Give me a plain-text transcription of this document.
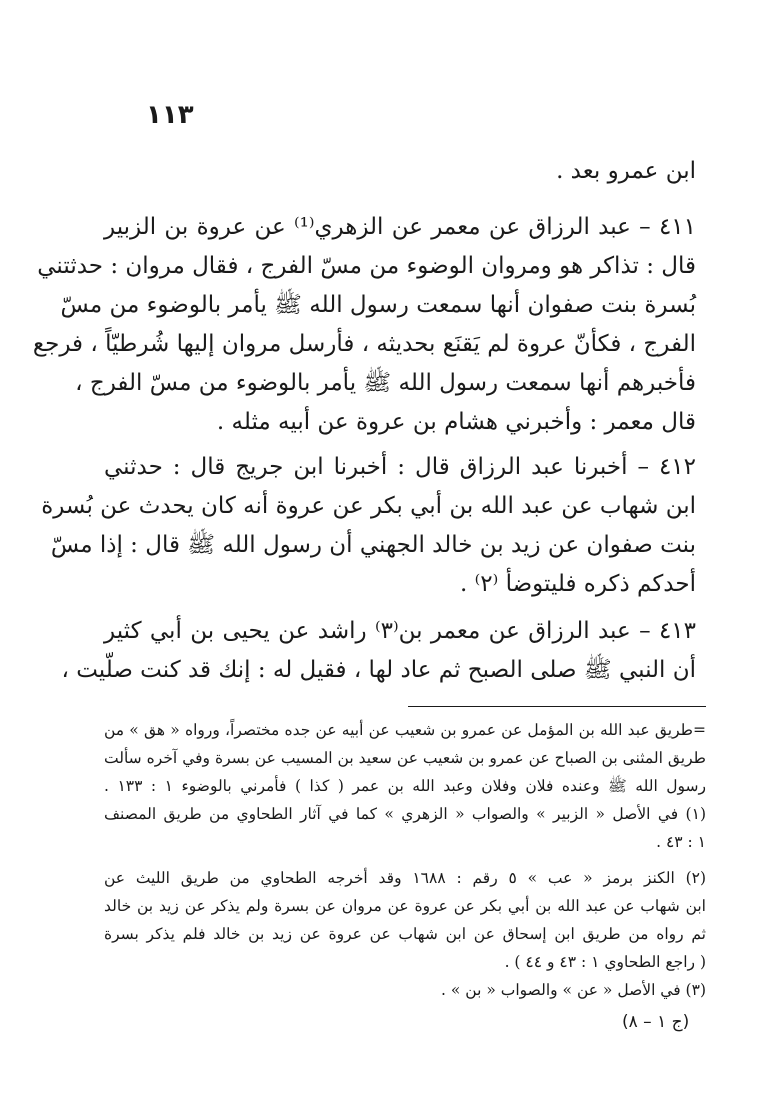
١١٣
ابن عمرو بعد .
٤١١ – عبد الرزاق عن معمر عن الزهري⁽¹⁾ عن عروة بن الزبير
قال : تذاكر هو ومروان الوضوء من مسّ الفرج ، فقال مروان : حدثتني
بُسرة بنت صفوان أنها سمعت رسول الله ﷺ يأمر بالوضوء من مسّ
الفرج ، فكأنّ عروة لم يَقنَع بحديثه ، فأرسل مروان إليها شُرطيّاً ، فرجع
فأخبرهم أنها سمعت رسول الله ﷺ يأمر بالوضوء من مسّ الفرج ،
قال معمر : وأخبرني هشام بن عروة عن أبيه مثله .
٤١٢ – أخبرنا عبد الرزاق قال : أخبرنا ابن جريج قال : حدثني
ابن شهاب عن عبد الله بن أبي بكر عن عروة أنه كان يحدث عن بُسرة
بنت صفوان عن زيد بن خالد الجهني أن رسول الله ﷺ قال : إذا مسّ
أحدكم ذكره فليتوضأ ⁽٢⁾ .
٤١٣ – عبد الرزاق عن معمر بن⁽٣⁾ راشد عن يحيى بن أبي كثير
أن النبي ﷺ صلى الصبح ثم عاد لها ، فقيل له : إنك قد كنت صلّيت ،
=طريق عبد الله بن المؤمل عن عمرو بن شعيب عن أبيه عن جده مختصراً، ورواه « هق » من
طريق المثنى بن الصباح عن عمرو بن شعيب عن سعيد بن المسيب عن بسرة وفي آخره سألت
رسول الله ﷺ وعنده فلان وفلان وعبد الله بن عمر ( كذا ) فأمرني بالوضوء ١ : ١٣٣ .
(١) في الأصل « الزبير » والصواب « الزهري » كما في آثار الطحاوي من طريق المصنف
١ : ٤٣ .
(٢) الكنز برمز « عب » ٥ رقم : ١٦٨٨ وقد أخرجه الطحاوي من طريق الليث عن
ابن شهاب عن عبد الله بن أبي بكر عن عروة عن مروان عن بسرة ولم يذكر عن زيد بن خالد
ثم رواه من طريق ابن إسحاق عن ابن شهاب عن عروة عن زيد بن خالد فلم يذكر بسرة
( راجع الطحاوي ١ : ٤٣ و ٤٤ ) .
(٣) في الأصل « عن » والصواب « بن » .
(ج ١ – ٨)
